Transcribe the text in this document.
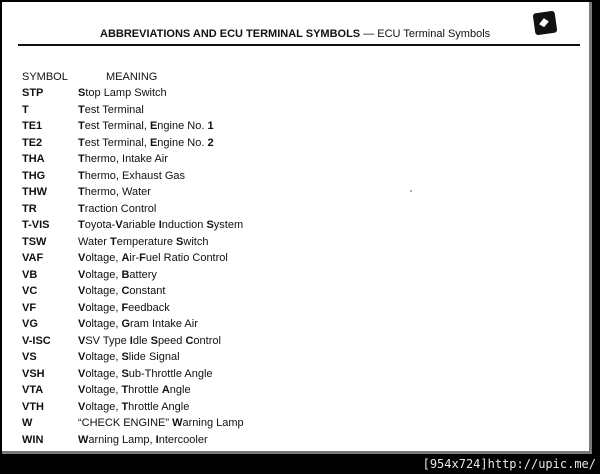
ABBREVIATIONS AND ECU TERMINAL SYMBOLS — ECU Terminal Symbols
SYMBOL	MEANING
STP	Stop Lamp Switch
T	Test Terminal
TE1	Test Terminal, Engine No. 1
TE2	Test Terminal, Engine No. 2
THA	Thermo, Intake Air
THG	Thermo, Exhaust Gas
THW	Thermo, Water
TR	Traction Control
T-VIS	Toyota-Variable Induction System
TSW	Water Temperature Switch
VAF	Voltage, Air-Fuel Ratio Control
VB	Voltage, Battery
VC	Voltage, Constant
VF	Voltage, Feedback
VG	Voltage, Gram Intake Air
V-ISC VSV Type Idle Speed Control
VS	Voltage, Slide Signal
VSH	Voltage, Sub-Throttle Angle
VTA	Voltage, Throttle Angle
VTH	Voltage, Throttle Angle
W	“CHECK ENGINE” Warning Lamp
WIN	Warning Lamp, Intercooler
[954x724]http://upic.me/
